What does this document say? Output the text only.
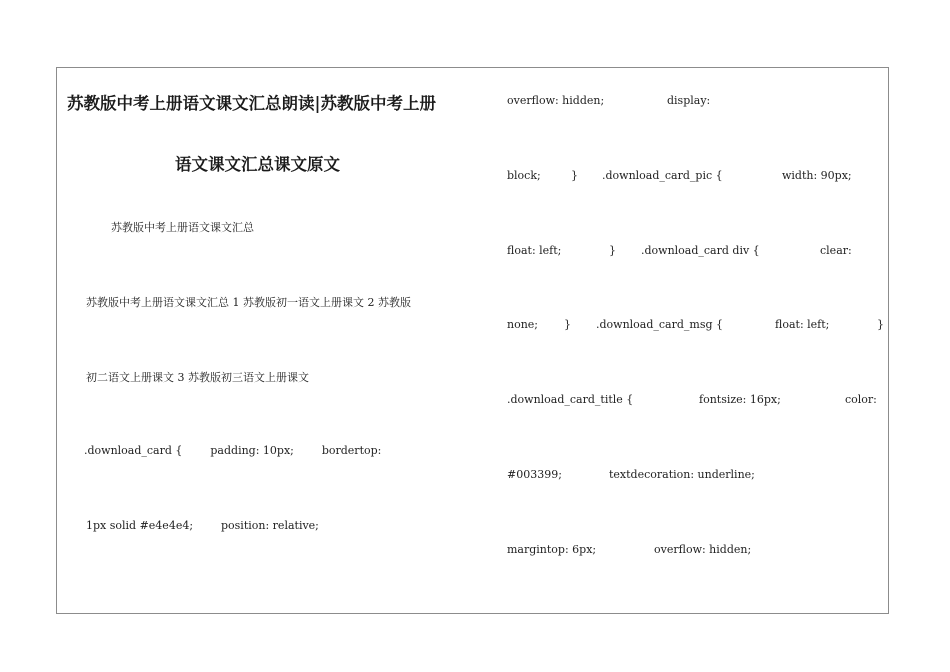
苏教版中考上册语文课文汇总朗读|苏教版中考上册
语文课文汇总课文原文
苏教版中考上册语文课文汇总
苏教版中考上册语文课文汇总 1 苏教版初一语文上册课文 2 苏教版
初二语文上册课文 3 苏教版初三语文上册课文
.download_card {        padding: 10px;        bordertop:
1px solid #e4e4e4;        position: relative;
overflow: hidden;	display:
block;	} .download_card_pic {	width: 90px;
float: left;	} .download_card div {	clear:
none; } .download_card_msg {	float: left;	}
.download_card_title {	fontsize: 16px;	color:
#003399;	textdecoration: underline;
margintop: 6px;	overflow: hidden;
